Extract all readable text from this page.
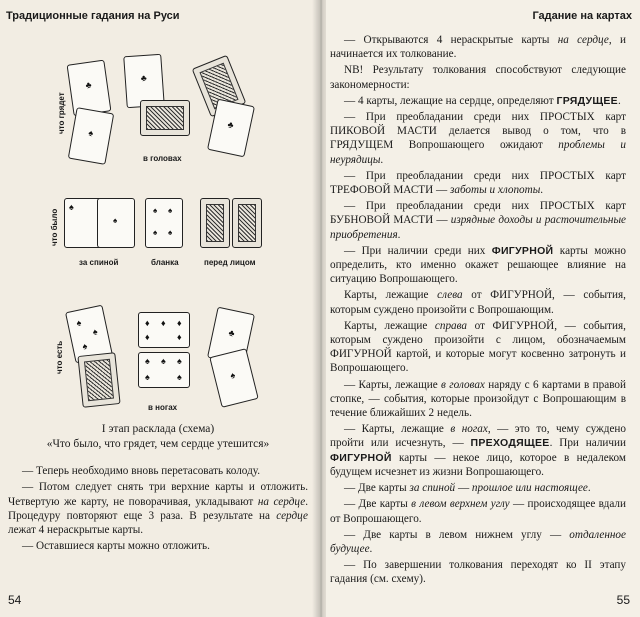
Традиционные гадания на Руси
что грядет
♣
♣
♠
♣
в головах
что было
♠
♠
♠ ♠
♠ ♠
за спиной	бланка	перед лицом
что есть
♠
♠
♠
♦ ♦ ♦
♦	♦	♣
♠ ♠ ♠
♠	♠	♠
в ногах
I этап расклада (схема)
«Что было, что грядет, чем сердце утешится»

— Теперь необходимо вновь перетасовать колоду.

— Потом следует снять три верхние карты и отложить. Четвертую же карту, не поворачивая, укладывают на сердце. Процедуру повторяют еще 3 раза. В результате на сердце лежат 4 нераскрытые карты.

— Оставшиеся карты можно отложить.

54
Гадание на картах

— Открываются 4 нераскрытые карты на сердце, и начинается их толкование.

NB! Результату толкования способствуют следующие закономерности:

— 4 карты, лежащие на сердце, определяют ГРЯДУЩЕЕ.

— При преобладании среди них ПРОСТЫХ карт ПИКОВОЙ МАСТИ делается вывод о том, что в ГРЯДУЩЕМ Вопрошающего ожидают проблемы и неурядицы.

— При преобладании среди них ПРОСТЫХ карт ТРЕФОВОЙ МАСТИ — заботы и хлопоты.

— При преобладании среди них ПРОСТЫХ карт БУБНОВОЙ МАСТИ — изрядные доходы и расточительные приобретения.

— При наличии среди них ФИГУРНОЙ карты можно определить, кто именно окажет решающее влияние на ситуацию Вопрошающего.

Карты, лежащие слева от ФИГУРНОЙ, — события, которым суждено произойти с Вопрошающим.

Карты, лежащие справа от ФИГУРНОЙ, — события, которым суждено произойти с лицом, обозначаемым ФИГУРНОЙ картой, и которые могут косвенно затронуть и Вопрошающего.

— Карты, лежащие в головах наряду с 6 картами в правой стопке, — события, которые произойдут с Вопрошающим в течение ближайших 2 недель.

— Карты, лежащие в ногах, — это то, чему суждено пройти или исчезнуть, — ПРЕХОДЯЩЕЕ. При наличии ФИГУРНОЙ карты — некое лицо, которое в недалеком будущем исчезнет из жизни Вопрошающего.

— Две карты за спиной — прошлое или настоящее.

— Две карты в левом верхнем углу — происходящее вдали от Вопрошающего.

— Две карты в левом нижнем углу — отдаленное будущее.

— По завершении толкования переходят ко II этапу гадания (см. схему).

55
